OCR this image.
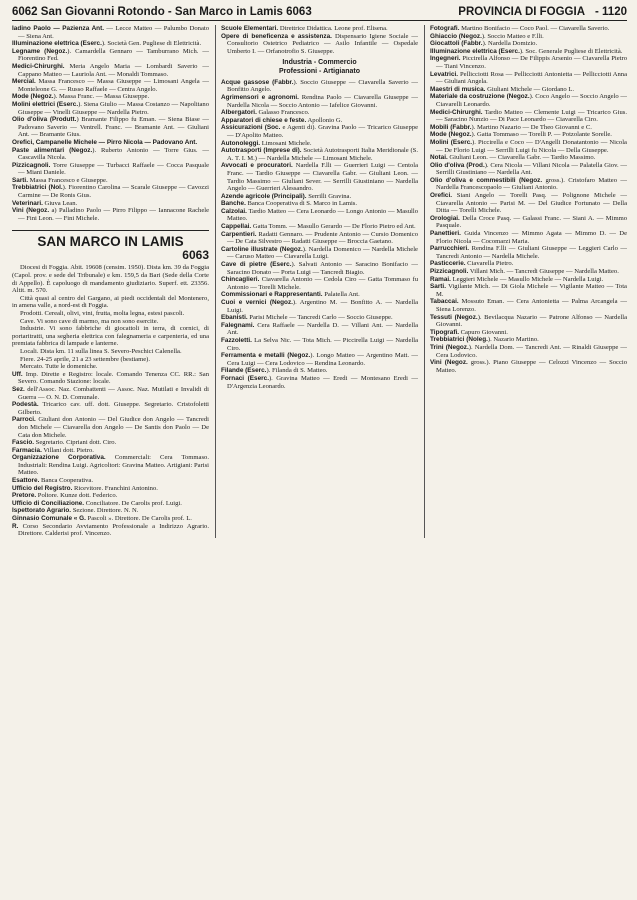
6062 San Giovanni Rotondo - San Marco in Lamis 6063	PROVINCIA DI FOGGIA - 1120

Iadino Paolo — Pazienza Ant. — Lecce Matteo — Palumbo Donato — Siena Ant.

Illuminazione elettrica (Eserc.). Società Gen. Pugliese di Elettricità.

Legname (Negoz.). Camardella Gennaro — Tamburrano Mich. — Fiorentino Fed.

Medici-Chirurghi. Meria Angelo Maria — Lombardi Saverio — Cappano Matteo — Lauriola Ant. — Monaldi Tommaso.

Mercial. Massa Francesco — Massa Giuseppe — Limosani Angela — Monteleone G. — Russo Raffaele — Centra Angelo.

Mode (Negoz.). Massa Franc. — Massa Giuseppe.

Molini elettrici (Eserc.). Siena Giulio — Massa Costanzo — Napolitano Giuseppe — Vinelli Giuseppe — Nardella Pietro.

Olio d'oliva (Produtt.) Bramante Filippo fu Eman. — Siena Biase — Padovano Saverio — Ventrell. Franc. — Bramante Ant. — Giuliani Ant. — Bramante Gius.

Orefici, Campanelle Michele — Pirro Nicola — Padovano Ant.

Paste alimentari (Negoz.). Ruberto Antonio — Torre Gius. — Cascavilla Nicola.

Pizzicagnoli. Torre Giuseppe — Turbacci Raffaele — Cocca Pasquale — Miani Daniele.

Sarti. Massa Francesco e Giuseppe.

Trebbiatrici (Nol.). Fiorentino Carolina — Scarale Giuseppe — Cavozzi Carmine — De Ronis Gius.

Veterinari. Giuva Lean.

Vini (Negoz. a) Palladino Paolo — Pirro Filippo — Iannacone Rachele — Fini Leon. — Fini Michele.

SAN MARCO IN LAMIS
6063

Diocesi di Foggia. Abit. 19608 (censim. 1950). Dista km. 39 da Foggia (Capol. prov. e sede del Tribunale) e km. 159,5 da Bari (Sede della Corte di Appello). È capoluogo di mandamento giudiziario. Superf. ett. 23356. Altit. m. 570.

Città quasi al centro del Gargano, ai piedi occidentali del Montenero, in amena valle, a nord-est di Foggia.

Prodotti. Cereali, olivi, vini, frutta, molta legna, estesi pascoli.

Cave. Vi sono cave di marmo, ma non sono esercite.

Industrie. Vi sono fabbriche di giocattoli in terra, di cornici, di portaritratti, una segheria elettrica con falegnameria e carpenteria, ed una premiata fabbrica di lampade e lanterne.

Locali. Dista km. 11 sulla linea S. Severo-Peschici Calenella.

Fiere. 24-25 aprile, 21 a 23 settembre (bestiame).

Mercato. Tutte le domeniche.

Uff. Imp. Dirette e Registro: locale. Comando Tenenza CC. RR.: San Severo. Comando Stazione: locale.

Sez. dell'Assoc. Naz. Combattenti — Assoc. Naz. Mutilati e Invalidi di Guerra — O. N. D. Comunale.

Podestà. Tricarico cav. uff. dott. Giuseppe. Segretario. Cristofoletti Gilberto.

Parroci. Giuliani don Antonio — Del Giudice don Angelo — Tancredi don Michele — Ciavarella don Angelo — De Santis don Paolo — De Cata don Michele.

Fascio. Segretario. Cipriani dott. Ciro.

Farmacia. Villani dott. Pietro.

Organizzazione Corporativa. Commerciali: Cera Tommaso. Industriali: Rendina Luigi. Agricoltori: Gravina Matteo. Artigiani: Parisi Matteo.

Esattore. Banca Cooperativa.

Ufficio del Registro. Ricevitore. Franchini Antonino.

Pretore. Poltore. Kunze dott. Federico.

Ufficio di Conciliazione. Conciliatore. De Carolis prof. Luigi.

Ispettorato Agrario. Sezione. Direttore. N. N.

Ginnasio Comunale « G. Pascoli ». Direttore. De Carolis prof. L.

R. Corso Secondario Avviamento Professionale a Indirizzo Agrario. Direttore. Calderisi prof. Vincenzo.

Scuole Elementari. Direttrice Didattica. Leone prof. Elisena.

Opere di beneficenza e assistenza. Dispensario Igiene Sociale — Consultorio Ostetrico Pediatrico — Asilo Infantile — Ospedale Umberto I. — Orfanotrofio S. Giuseppe.

Industria - Commercio
Professioni - Artigianato

Acque gassose (Fabbr.). Soccio Giuseppe — Ciavarella Saverio — Bonfitto Angelo.

Agrimensori e agronomi. Rendina Paolo — Ciavarella Giuseppe — Nardella Nicola — Soccio Antonio — Iafelice Giovanni.

Albergatori. Galasso Francesco.

Apparatori di chiese e feste. Apollonio G.

Assicurazioni (Soc. e Agenti di). Gravina Paolo — Tricarico Giuseppe — D'Apolito Matteo.

Autonoleggi. Limosani Michele.

Autotrasporti (Imprese di). Società Autotrasporti Italia Meridionale (S. A. T. I. M.) — Nardella Michele — Limosani Michele.

Avvocati e procuratori. Nardella F.lli — Guerrieri Luigi — Centola Franc. — Tardio Giuseppe — Ciavarella Gabr. — Giuliani Leon. — Tardio Massimo — Giuliani Sever. — Serrilli Giustiniano — Nardella Angelo — Guerrieri Alessandro.

Azende agricole (Principali). Serrilli Gravina.

Banche. Banca Cooperativa di S. Marco in Lamis.

Calzolai. Tardio Matteo — Cera Leonardo — Longo Antonio — Masullo Matteo.

Cappellai. Gatta Tomm. — Masullo Gerardo — De Florio Pietro ed Ant.

Carpentieri. Radatti Gennaro. — Prudente Antonio — Cursio Domenico — De Cata Silvestro — Radatti Giuseppe — Broccia Gaetano.

Cartoline illustrate (Negoz.). Nardella Domenico — Nardella Michele — Caruso Matteo — Ciavarella Luigi.

Cave di pietre (Eserc.). Salvati Antonio — Saracino Bonifacio — Saracino Donato — Porta Luigi — Tancredi Biagio.

Chincaglieri. Ciavarella Antonio — Cedola Ciro — Gatta Tommaso fu Antonio — Torelli Michele.

Commissionari e Rappresentanti. Palatella Ant.

Cuoi e vernici (Negoz.). Argentino M. — Bonfitto A. — Nardella Luigi.

Ebanisti. Parisi Michele — Tancredi Carlo — Soccio Giuseppe.

Falegnami. Cera Raffaele — Nardella D. — Villani Ant. — Nardella Ant.

Fazzoletti. La Selva Nic. — Tota Mich. — Piccirella Luigi — Nardella Ciro.

Ferramenta e metalli (Negoz.). Longo Matteo — Argentino Matt. — Cera Luigi — Cera Lodovico — Rendina Leonardo.

Filande (Eserc.). Filanda di S. Matteo.

Fornaci (Eserc.). Gravina Matteo — Eredi — Montesano Eredi — D'Argenzia Leonardo.

Fotografi. Martino Bonifacio — Coco Paol. — Ciavarella Saverio.

Ghiaccio (Negoz.). Soccio Matteo e F.lli.

Giocattoli (Fabbr.). Nardella Domizio.

Illuminazione elettrica (Eserc.). Soc. Generale Pugliese di Elettricità.

Ingegneri. Piccirella Alfonso — De Filippis Arsenio — Ciavarella Pietro — Tiani Vincenzo.

Levatrici. Pellicciotti Rosa — Pellicciotti Antonietta — Pellicciotti Anna — Giuliani Angela.

Maestri di musica. Giuliani Michele — Giordano L.

Materiale da costruzione (Negoz.). Coco Angelo — Soccio Angelo — Ciavarelli Leonardo.

Medici-Chirurghi. Tardio Matteo — Clemente Luigi — Tricarico Gius. — Saracino Nunzio — Di Pace Leonardo — Ciavarella Ciro.

Mobili (Fabbr.). Martino Nazario — De Theo Giovanni e C.

Mode (Negoz.). Gatta Tommaso — Torelli P. — Potzolante Sorelle.

Molini (Eserc.). Piccirella e Coco — D'Angelli Donatantonio — Nicola — De Florio Luigi — Serrilli Luigi fu Nicola — Della Giuseppe.

Notai. Giuliani Leon. — Ciavarella Gabr. — Tardio Massimo.

Olio d'oliva (Prod.). Cera Nicola — Villani Nicola — Palatella Giov. — Serrilli Giustiniano — Nardella Ant.

Olio d'oliva e commestibili (Negoz. gross.). Cristofaro Matteo — Nardella Francescopaolo — Giuliani Antonio.

Orefici. Siani Angelo — Torelli Pasq. — Polignone Michele — Ciavarella Antonio — Parisi M. — Del Giudice Fortunato — Della Ditta — Torelli Michele.

Orologiai. Della Croce Pasq. — Galassi Franc. — Siani A. — Mimmo Pasquale.

Panettieri. Guida Vincenzo — Mimmo Agata — Mimmo D. — De Florio Nicola — Cocomarzi Maria.

Parrucchieri. Rendina F.lli — Giuliani Giuseppe — Leggieri Carlo — Tancredi Antonio — Nardella Michele.

Pasticcerie. Ciavarella Pietro.

Pizzicagnoli. Villani Mich. — Tancredi Giuseppe — Nardella Matteo.

Ramai. Leggieri Michele — Masullo Michele — Nardella Luigi.

Sarti. Vigilante Mich. — Di Giola Michele — Vigilante Matteo — Tota M.

Tabaccai. Mossuto Eman. — Cera Antonietta — Palma Arcangela — Siena Lorenzo.

Tessuti (Negoz.). Bevilacqua Nazario — Patrone Alfonso — Nardella Giovanni.

Tipografi. Capuro Giovanni.

Trebbiatrici (Noleg.). Nazario Martino.

Trini (Negoz.). Nardella Dom. — Tancredi Ant. — Rinaldi Giuseppe — Cera Lodovico.

Vini (Negoz. gross.). Piano Giuseppe — Celozzi Vincenzo — Soccio Matteo.
